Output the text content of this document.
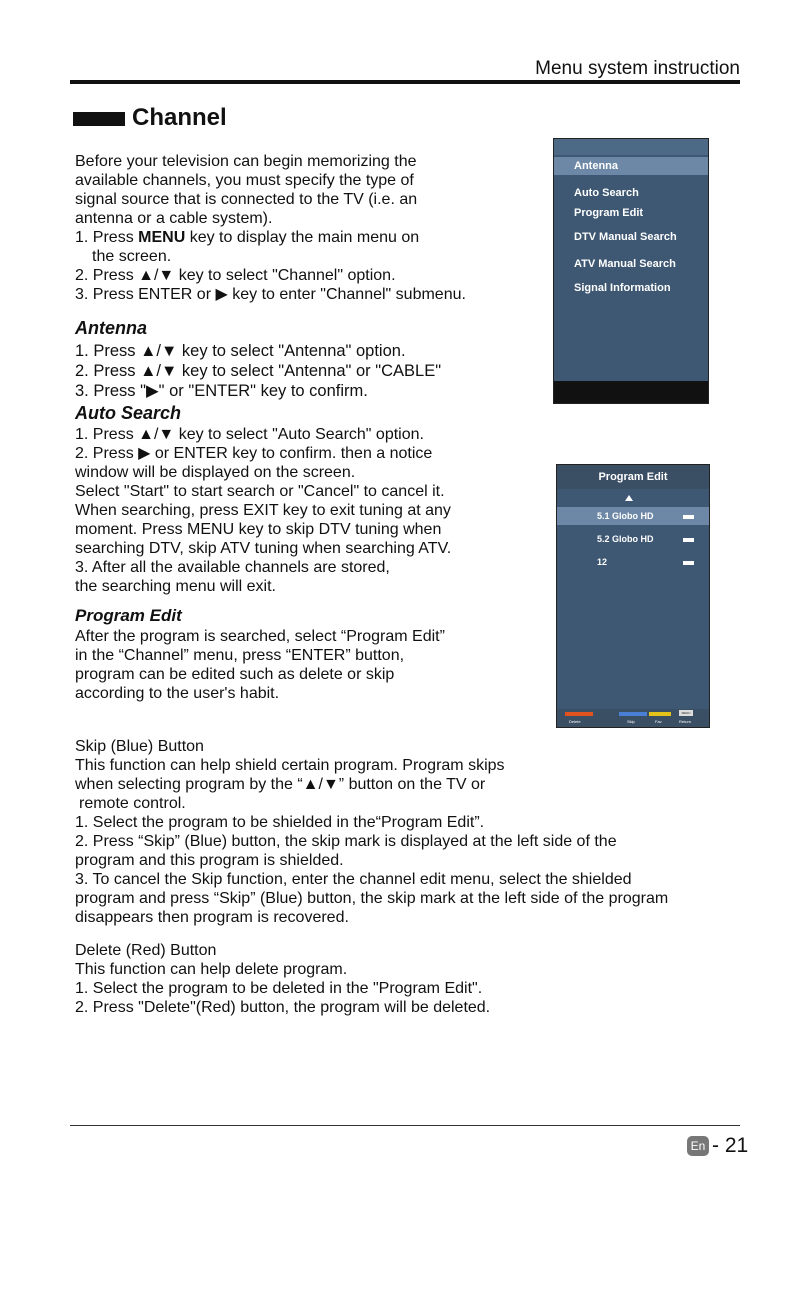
Menu system instruction
Channel

Before your television can begin memorizing the

available channels, you must specify the type of

signal source that is connected to the TV (i.e. an

antenna or a cable system).

1. Press MENU key to display the main menu on

the screen.

2. Press ▲/▼ key to select "Channel" option.

3. Press ENTER or ▶ key to enter "Channel" submenu.

Antenna

1. Press ▲/▼ key to select "Antenna" option.

2. Press ▲/▼ key to select "Antenna" or "CABLE"

3. Press "▶" or "ENTER" key to confirm.

Auto Search

1. Press ▲/▼ key to select "Auto Search" option.

2. Press ▶ or ENTER key to confirm. then a notice

window will be displayed on the screen.

Select "Start" to start search or "Cancel" to cancel it.

When searching, press EXIT key to exit tuning at any

moment. Press MENU key to skip DTV tuning when

searching DTV, skip ATV tuning when searching ATV.

3. After all the available channels are stored,

the searching menu will exit.

Program Edit

After the program is searched, select “Program Edit”

in the “Channel” menu, press “ENTER” button,

program can be edited such as delete or skip

according to the user's habit.

Skip (Blue) Button

This function can help shield certain program. Program skips

when selecting program by the “▲/▼” button on the TV or

remote control.

1. Select the program to be shielded in the“Program Edit”.

2. Press “Skip” (Blue) button, the skip mark is displayed at the left side of the

program and this program is shielded.

3. To cancel the Skip function, enter the channel edit menu, select the shielded

program and press “Skip” (Blue) button, the skip mark at the left side of the program

disappears then program is recovered.

Delete (Red) Button

This function can help delete program.

1. Select the program to be deleted in the "Program Edit".

2. Press "Delete"(Red) button, the program will be deleted.

Antenna
Auto Search
Program Edit
DTV Manual Search
ATV Manual Search
Signal Information
Program Edit
5.1 Globo HD
5.2 Globo HD
12
Delete	Skip	Fav
MENU
Return
En - 21
